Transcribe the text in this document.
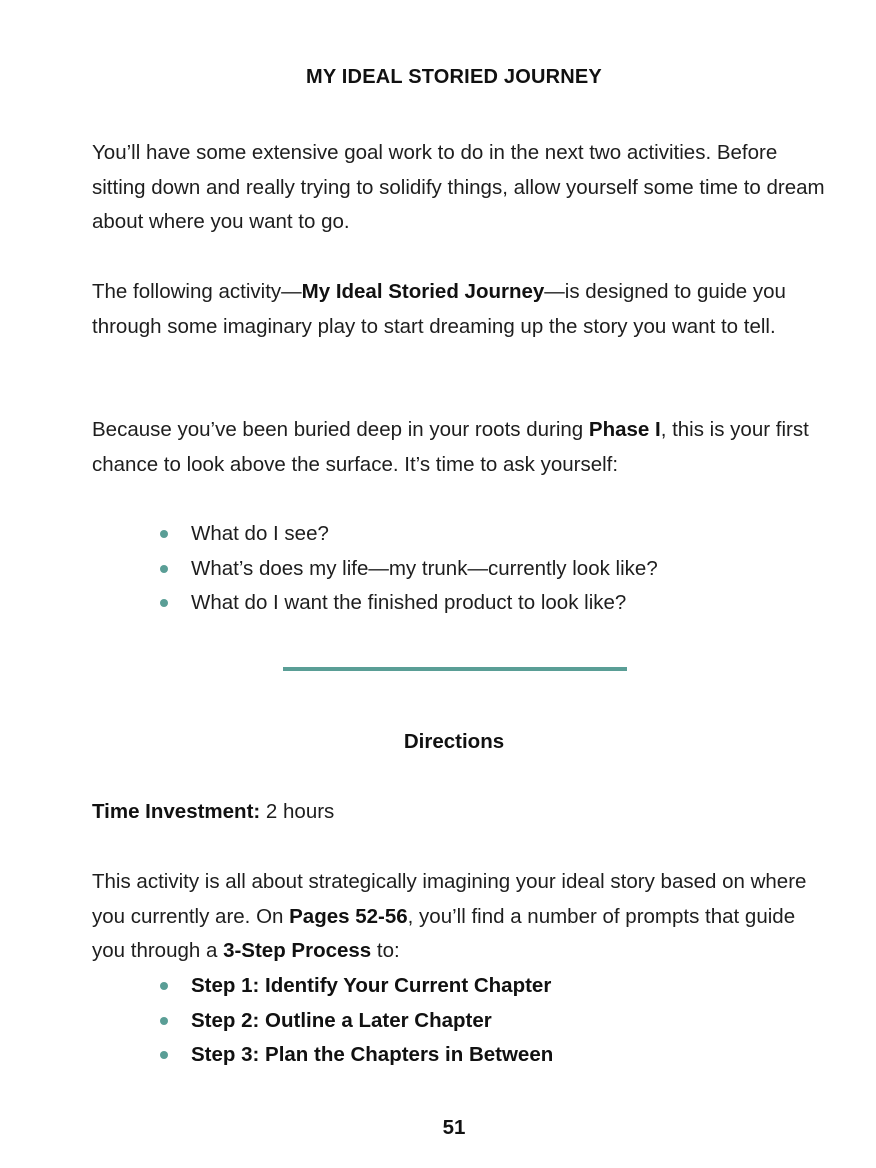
MY IDEAL STORIED JOURNEY
You’ll have some extensive goal work to do in the next two activities. Before sitting down and really trying to solidify things, allow yourself some time to dream about where you want to go.
The following activity—My Ideal Storied Journey—is designed to guide you through some imaginary play to start dreaming up the story you want to tell.
Because you’ve been buried deep in your roots during Phase I, this is your first chance to look above the surface. It’s time to ask yourself:
What do I see?
What’s does my life—my trunk—currently look like?
What do I want the finished product to look like?
Directions
Time Investment: 2 hours
This activity is all about strategically imagining your ideal story based on where you currently are. On Pages 52-56, you’ll find a number of prompts that guide you through a 3-Step Process to:
Step 1: Identify Your Current Chapter
Step 2: Outline a Later Chapter
Step 3: Plan the Chapters in Between
51
